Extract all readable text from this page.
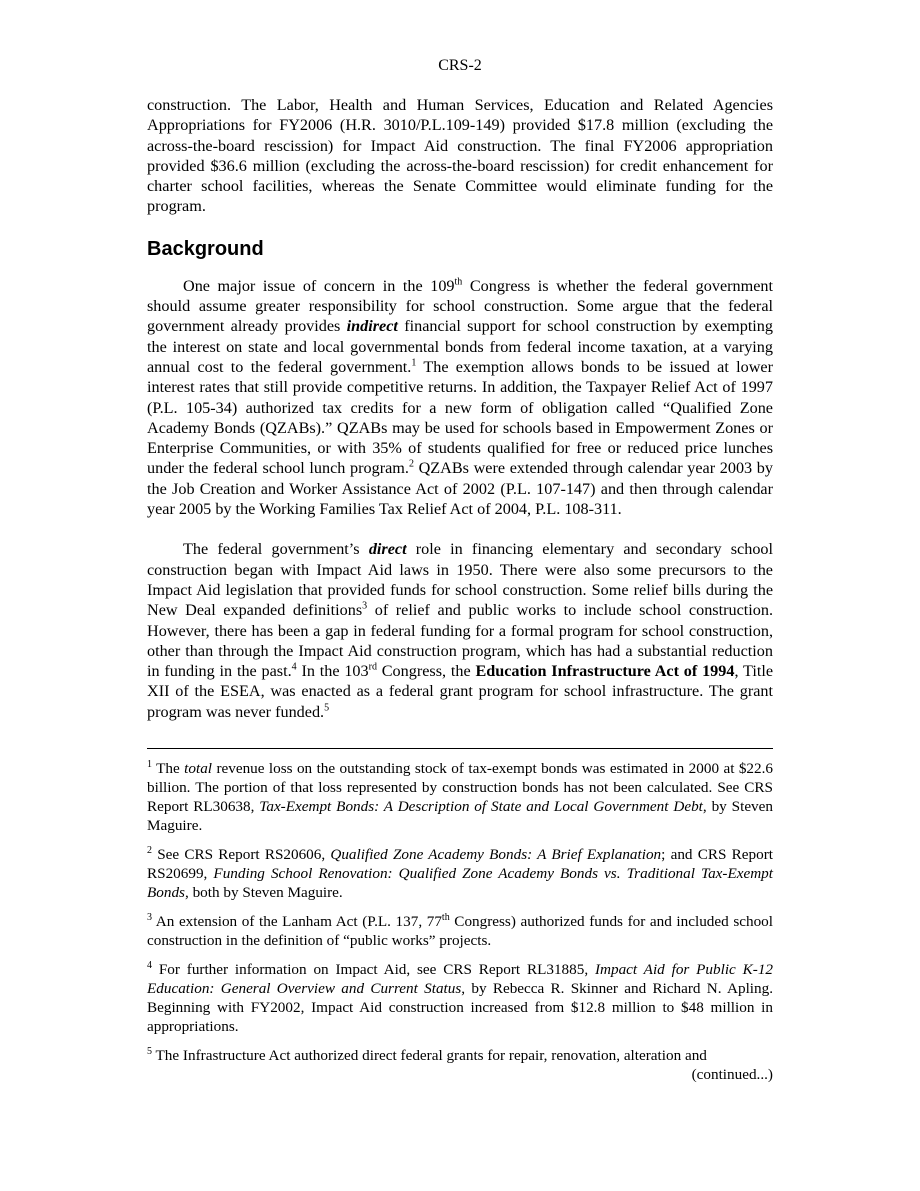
CRS-2

construction. The Labor, Health and Human Services, Education and Related Agencies Appropriations for FY2006 (H.R. 3010/P.L.109-149) provided $17.8 million (excluding the across-the-board rescission) for Impact Aid construction. The final FY2006 appropriation provided $36.6 million (excluding the across-the-board rescission) for credit enhancement for charter school facilities, whereas the Senate Committee would eliminate funding for the program.

Background

One major issue of concern in the 109th Congress is whether the federal government should assume greater responsibility for school construction. Some argue that the federal government already provides indirect financial support for school construction by exempting the interest on state and local governmental bonds from federal income taxation, at a varying annual cost to the federal government.$^1$ The exemption allows bonds to be issued at lower interest rates that still provide competitive returns. In addition, the Taxpayer Relief Act of 1997 (P.L. 105-34) authorized tax credits for a new form of obligation called “Qualified Zone Academy Bonds (QZABs).” QZABs may be used for schools based in Empowerment Zones or Enterprise Communities, or with 35% of students qualified for free or reduced price lunches under the federal school lunch program.$^2$ QZABs were extended through calendar year 2003 by the Job Creation and Worker Assistance Act of 2002 (P.L. 107-147) and then through calendar year 2005 by the Working Families Tax Relief Act of 2004, P.L. 108-311.

The federal government’s direct role in financing elementary and secondary school construction began with Impact Aid laws in 1950. There were also some precursors to the Impact Aid legislation that provided funds for school construction. Some relief bills during the New Deal expanded definitions$^3$ of relief and public works to include school construction. However, there has been a gap in federal funding for a formal program for school construction, other than through the Impact Aid construction program, which has had a substantial reduction in funding in the past.$^4$ In the 103rd Congress, the Education Infrastructure Act of 1994, Title XII of the ESEA, was enacted as a federal grant program for school infrastructure. The grant program was never funded.$^5$

$^1$ The total revenue loss on the outstanding stock of tax-exempt bonds was estimated in 2000 at $22.6 billion. The portion of that loss represented by construction bonds has not been calculated. See CRS Report RL30638, Tax-Exempt Bonds: A Description of State and Local Government Debt, by Steven Maguire.

$^2$ See CRS Report RS20606, Qualified Zone Academy Bonds: A Brief Explanation; and CRS Report RS20699, Funding School Renovation: Qualified Zone Academy Bonds vs. Traditional Tax-Exempt Bonds, both by Steven Maguire.

$^3$ An extension of the Lanham Act (P.L. 137, 77th Congress) authorized funds for and included school construction in the definition of “public works” projects.

$^4$ For further information on Impact Aid, see CRS Report RL31885, Impact Aid for Public K-12 Education: General Overview and Current Status, by Rebecca R. Skinner and Richard N. Apling. Beginning with FY2002, Impact Aid construction increased from $12.8 million to $48 million in appropriations.

$^5$ The Infrastructure Act authorized direct federal grants for repair, renovation, alteration and

(continued...)
